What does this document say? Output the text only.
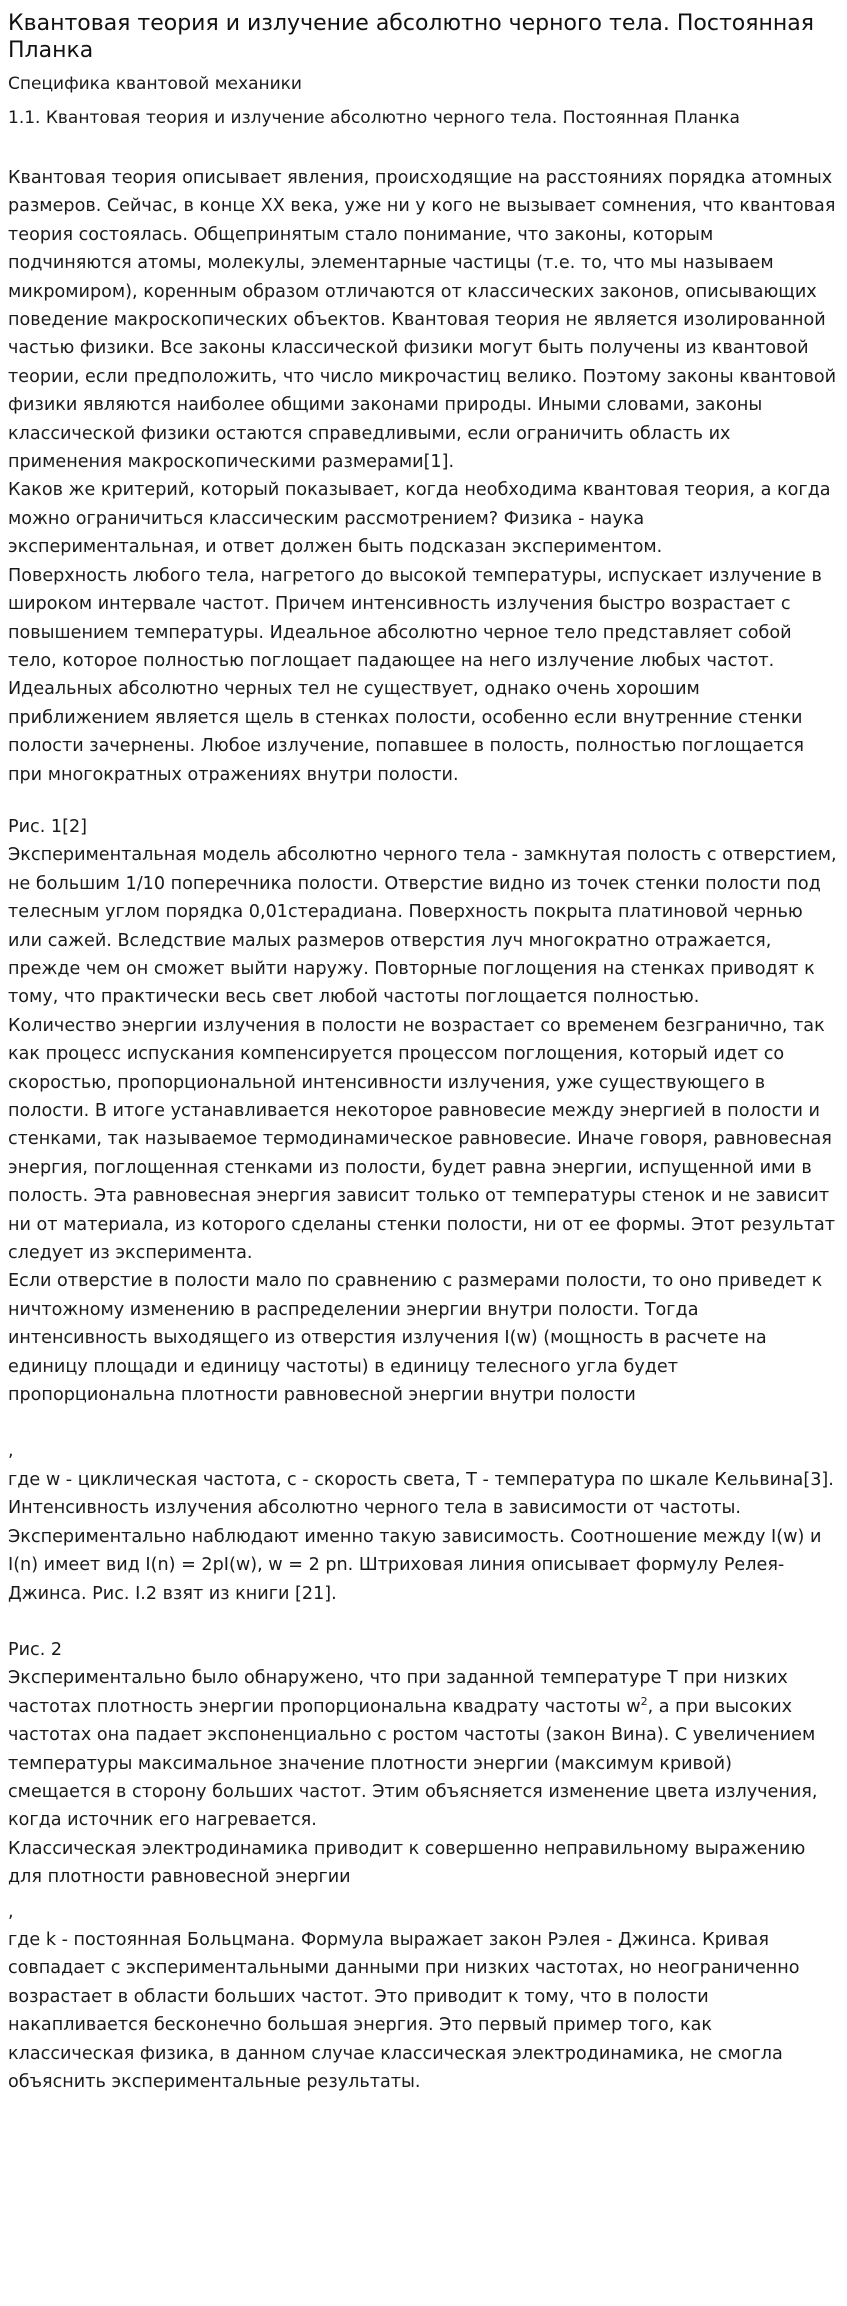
Квантовая теория и излучение абсолютно черного тела. Постоянная Планка
Специфика квантовой механики
1.1. Квантовая теория и излучение абсолютно черного тела. Постоянная Планка

Квантовая теория описывает явления, происходящие на расстояниях порядка атомных размеров. Сейчас, в конце XX века, уже ни у кого не вызывает сомнения, что квантовая теория состоялась. Общепринятым стало понимание, что законы, которым подчиняются атомы, молекулы, элементарные частицы (т.е. то, что мы называем микромиром), коренным образом отличаются от классических законов, описывающих поведение макроскопических объектов. Квантовая теория не является изолированной частью физики. Все законы классической физики могут быть получены из квантовой теории, если предположить, что число микрочастиц велико. Поэтому законы квантовой физики являются наиболее общими законами природы. Иными словами, законы классической физики остаются справедливыми, если ограничить область их применения макроскопическими размерами[1].

Каков же критерий, который показывает, когда необходима квантовая теория, а когда можно ограничиться классическим рассмотрением? Физика - наука экспериментальная, и ответ должен быть подсказан экспериментом.

Поверхность любого тела, нагретого до высокой температуры, испускает излучение в широком интервале частот. Причем интенсивность излучения быстро возрастает с повышением температуры. Идеальное абсолютно черное тело представляет собой тело, которое полностью поглощает падающее на него излучение любых частот. Идеальных абсолютно черных тел не существует, однако очень хорошим приближением является щель в стенках полости, особенно если внутренние стенки полости зачернены. Любое излучение, попавшее в полость, полностью поглощается при многократных отражениях внутри полости.

Рис. 1[2]

Экспериментальная модель абсолютно черного тела - замкнутая полость с отверстием, не большим 1/10 поперечника полости. Отверстие видно из точек стенки полости под телесным углом порядка 0,01стерадиана. Поверхность покрыта платиновой чернью или сажей. Вследствие малых размеров отверстия луч многократно отражается, прежде чем он сможет выйти наружу. Повторные поглощения на стенках приводят к тому, что практически весь свет любой частоты поглощается полностью.

Количество энергии излучения в полости не возрастает со временем безгранично, так как процесс испускания компенсируется процессом поглощения, который идет со скоростью, пропорциональной интенсивности излучения, уже существующего в полости. В итоге устанавливается некоторое равновесие между энергией в полости и стенками, так называемое термодинамическое равновесие. Иначе говоря, равновесная энергия, поглощенная стенками из полости, будет равна энергии, испущенной ими в полость. Эта равновесная энергия зависит только от температуры стенок и не зависит ни от материала, из которого сделаны стенки полости, ни от ее формы. Этот результат следует из эксперимента.

Если отверстие в полости мало по сравнению с размерами полости, то оно приведет к ничтожному изменению в распределении энергии внутри полости. Тогда интенсивность выходящего из отверстия излучения I(w) (мощность в расчете на единицу площади и единицу частоты) в единицу телесного угла будет пропорциональна плотности равновесной энергии внутри полости

,

где w - циклическая частота, c - скорость света, T - температура по шкале Кельвина[3].

Интенсивность излучения абсолютно черного тела в зависимости от частоты. Экспериментально наблюдают именно такую зависимость. Соотношение между I(w) и I(n) имеет вид I(n) = 2pI(w), w = 2 pn. Штриховая линия описывает формулу Релея-Джинса. Рис. I.2 взят из книги [21].

Рис. 2

Экспериментально было обнаружено, что при заданной температуре T при низких частотах плотность энергии пропорциональна квадрату частоты $w^2$, а при высоких частотах она падает экспоненциально с ростом частоты (закон Вина). С увеличением температуры максимальное значение плотности энергии (максимум кривой) смещается в сторону больших частот. Этим объясняется изменение цвета излучения, когда источник его нагревается.

Классическая электродинамика приводит к совершенно неправильному выражению для плотности равновесной энергии

,

где k - постоянная Больцмана. Формула выражает закон Рэлея - Джинса. Кривая совпадает с экспериментальными данными при низких частотах, но неограниченно возрастает в области больших частот. Это приводит к тому, что в полости накапливается бесконечно большая энергия. Это первый пример того, как классическая физика, в данном случае классическая электродинамика, не смогла объяснить экспериментальные результаты.
